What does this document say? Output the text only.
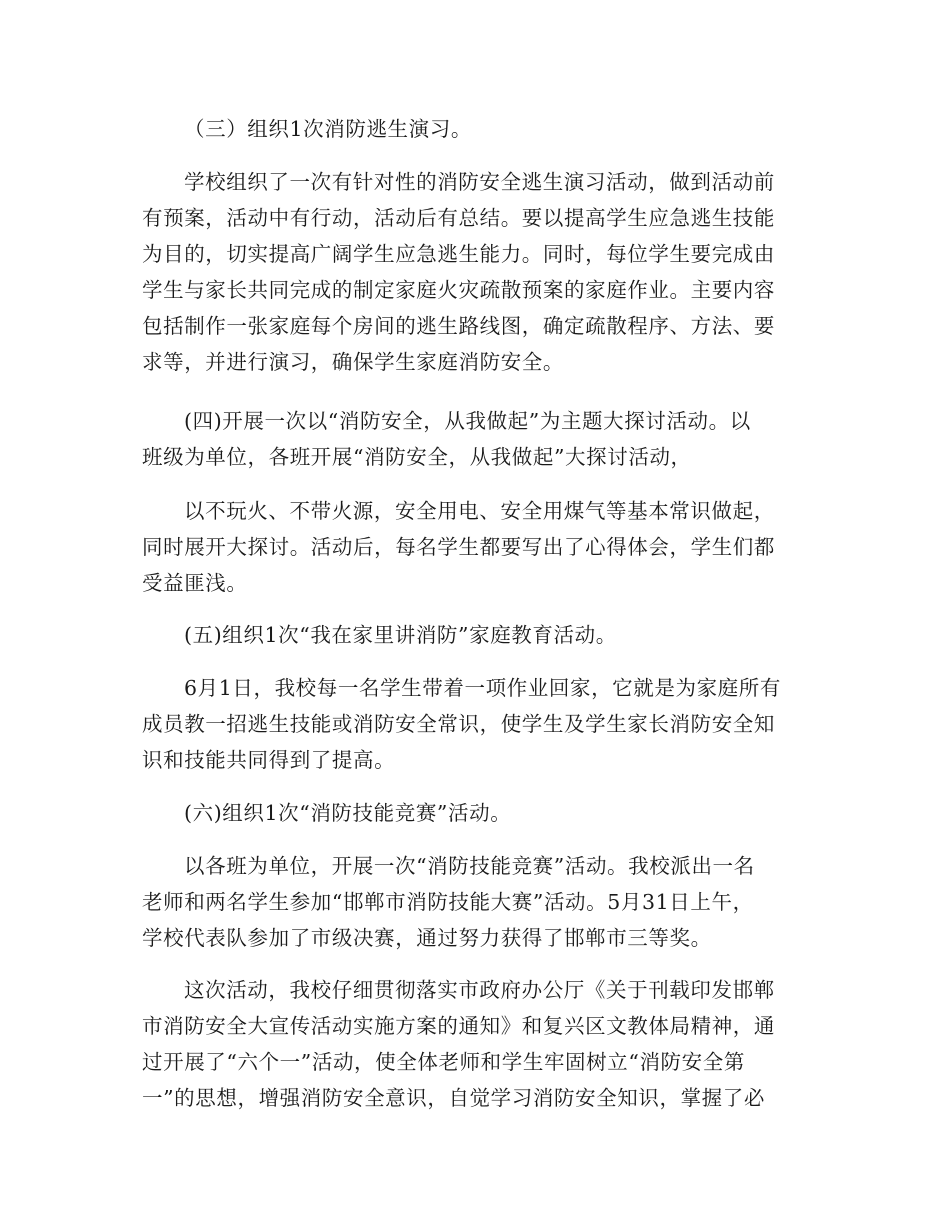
（三）组织1次消防逃生演习。
学校组织了一次有针对性的消防安全逃生演习活动，做到活动前
有预案，活动中有行动，活动后有总结。要以提高学生应急逃生技能
为目的，切实提高广阔学生应急逃生能力。同时，每位学生要完成由
学生与家长共同完成的制定家庭火灾疏散预案的家庭作业。主要内容
包括制作一张家庭每个房间的逃生路线图，确定疏散程序、方法、要
求等，并进行演习，确保学生家庭消防安全。
(四)开展一次以“消防安全，从我做起”为主题大探讨活动。以
班级为单位，各班开展“消防安全，从我做起”大探讨活动，
以不玩火、不带火源，安全用电、安全用煤气等基本常识做起，
同时展开大探讨。活动后，每名学生都要写出了心得体会，学生们都
受益匪浅。
(五)组织1次“我在家里讲消防”家庭教育活动。
6月1日，我校每一名学生带着一项作业回家，它就是为家庭所有
成员教一招逃生技能或消防安全常识，使学生及学生家长消防安全知
识和技能共同得到了提高。
(六)组织1次“消防技能竞赛”活动。
以各班为单位，开展一次“消防技能竞赛”活动。我校派出一名
老师和两名学生参加“邯郸市消防技能大赛”活动。5月31日上午，
学校代表队参加了市级决赛，通过努力获得了邯郸市三等奖。
这次活动，我校仔细贯彻落实市政府办公厅《关于刊载印发邯郸
市消防安全大宣传活动实施方案的通知》和复兴区文教体局精神，通
过开展了“六个一”活动，使全体老师和学生牢固树立“消防安全第
一”的思想，增强消防安全意识，自觉学习消防安全知识，掌握了必
